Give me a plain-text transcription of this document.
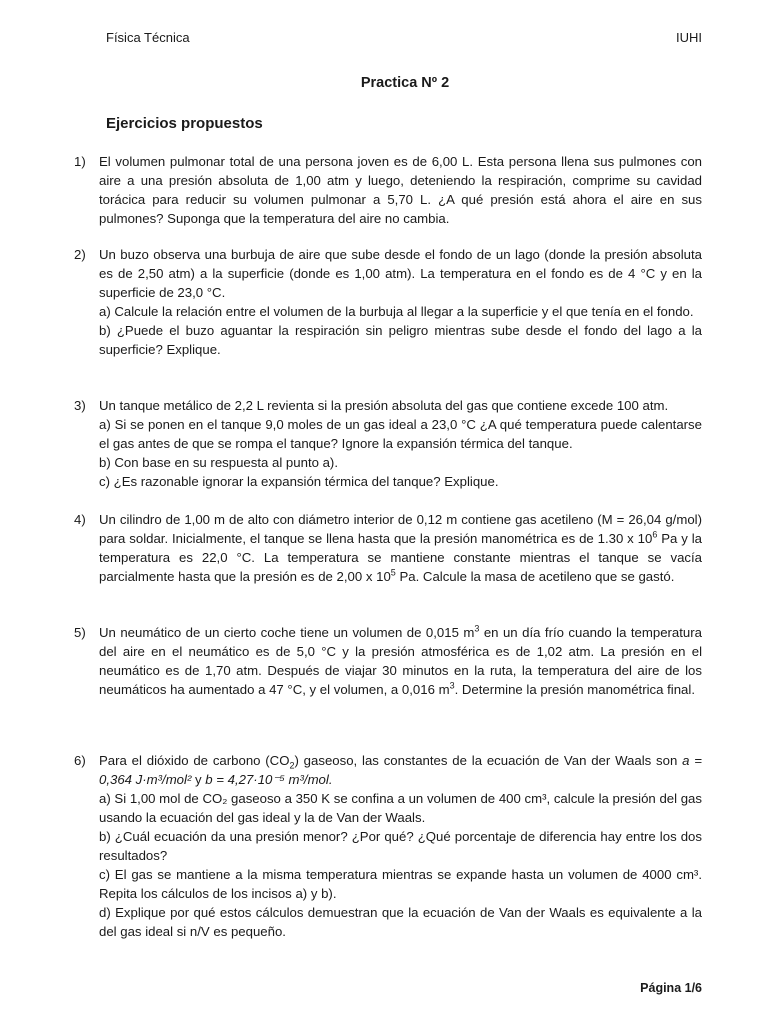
Física Técnica	IUHI
Practica Nº 2
Ejercicios propuestos
1) El volumen pulmonar total de una persona joven es de 6,00 L. Esta persona llena sus pulmones con aire a una presión absoluta de 1,00 atm y luego, deteniendo la respiración, comprime su cavidad torácica para reducir su volumen pulmonar a 5,70 L. ¿A qué presión está ahora el aire en sus pulmones? Suponga que la temperatura del aire no cambia.
2) Un buzo observa una burbuja de aire que sube desde el fondo de un lago (donde la presión absoluta es de 2,50 atm) a la superficie (donde es 1,00 atm). La temperatura en el fondo es de 4 °C y en la superficie de 23,0 °C.
a) Calcule la relación entre el volumen de la burbuja al llegar a la superficie y el que tenía en el fondo.
b) ¿Puede el buzo aguantar la respiración sin peligro mientras sube desde el fondo del lago a la superficie? Explique.
3) Un tanque metálico de 2,2 L revienta si la presión absoluta del gas que contiene excede 100 atm.
a) Si se ponen en el tanque 9,0 moles de un gas ideal a 23,0 °C ¿A qué temperatura puede calentarse el gas antes de que se rompa el tanque? Ignore la expansión térmica del tanque.
b) Con base en su respuesta al punto a).
c) ¿Es razonable ignorar la expansión térmica del tanque? Explique.
4) Un cilindro de 1,00 m de alto con diámetro interior de 0,12 m contiene gas acetileno (M = 26,04 g/mol) para soldar. Inicialmente, el tanque se llena hasta que la presión manométrica es de 1.30 x $10^6$ Pa y la temperatura es 22,0 °C. La temperatura se mantiene constante mientras el tanque se vacía parcialmente hasta que la presión es de 2,00 x $10^5$ Pa. Calcule la masa de acetileno que se gastó.
5) Un neumático de un cierto coche tiene un volumen de 0,015 $m^3$ en un día frío cuando la temperatura del aire en el neumático es de 5,0 °C y la presión atmosférica es de 1,02 atm. La presión en el neumático es de 1,70 atm. Después de viajar 30 minutos en la ruta, la temperatura del aire de los neumáticos ha aumentado a 47 °C, y el volumen, a 0,016 $m^3$. Determine la presión manométrica final.
6) Para el dióxido de carbono $(CO_2)$ gaseoso, las constantes de la ecuación de Van der Waals son a = 0,364 J·m³/mol² y b = 4,27·10⁻⁵ m³/mol.
a) Si 1,00 mol de CO₂ gaseoso a 350 K se confina a un volumen de 400 cm³, calcule la presión del gas usando la ecuación del gas ideal y la de Van der Waals.
b) ¿Cuál ecuación da una presión menor? ¿Por qué? ¿Qué porcentaje de diferencia hay entre los dos resultados?
c) El gas se mantiene a la misma temperatura mientras se expande hasta un volumen de 4000 cm³. Repita los cálculos de los incisos a) y b).
d) Explique por qué estos cálculos demuestran que la ecuación de Van der Waals es equivalente a la del gas ideal si n/V es pequeño.
Página 1/6
